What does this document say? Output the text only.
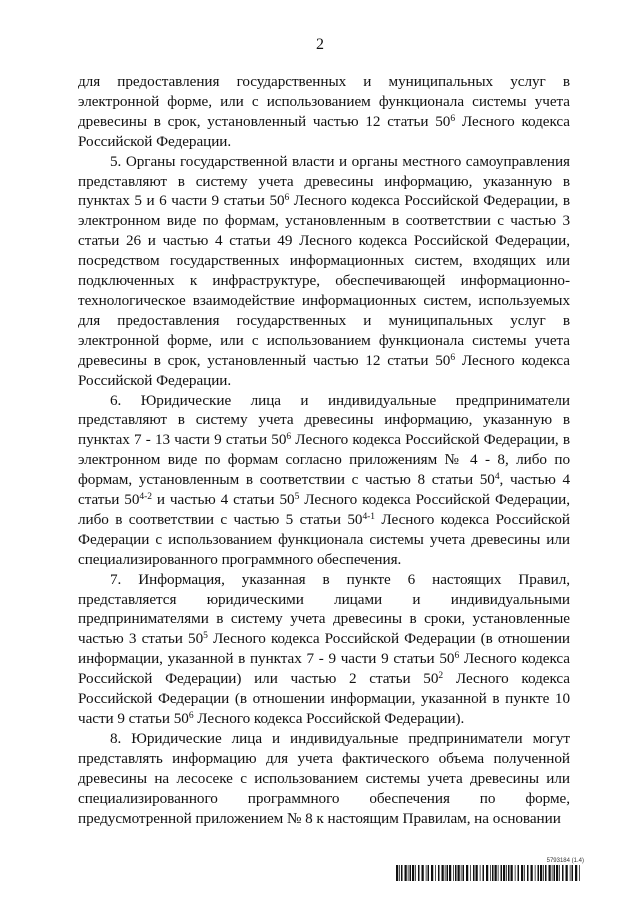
2

для предоставления государственных и муниципальных услуг в электронной форме, или с использованием функционала системы учета древесины в срок, установленный частью 12 статьи $50^6$ Лесного кодекса Российской Федерации.

5. Органы государственной власти и органы местного самоуправления представляют в систему учета древесины информацию, указанную в пунктах 5 и 6 части 9 статьи $50^6$ Лесного кодекса Российской Федерации, в электронном виде по формам, установленным в соответствии с частью 3 статьи 26 и частью 4 статьи 49 Лесного кодекса Российской Федерации, посредством государственных информационных систем, входящих или подключенных к инфраструктуре, обеспечивающей информационно-технологическое взаимодействие информационных систем, используемых для предоставления государственных и муниципальных услуг в электронной форме, или с использованием функционала системы учета древесины в срок, установленный частью 12 статьи $50^6$ Лесного кодекса Российской Федерации.

6. Юридические лица и индивидуальные предприниматели представляют в систему учета древесины информацию, указанную в пунктах 7 - 13 части 9 статьи $50^6$ Лесного кодекса Российской Федерации, в электронном виде по формам согласно приложениям № 4 - 8, либо по формам, установленным в соответствии с частью 8 статьи $50^4$, частью 4 статьи 50$^{4-2}$ и частью 4 статьи $50^5$ Лесного кодекса Российской Федерации, либо в соответствии с частью 5 статьи 50$^{4-1}$ Лесного кодекса Российской Федерации с использованием функционала системы учета древесины или специализированного программного обеспечения.

7. Информация, указанная в пункте 6 настоящих Правил, представляется юридическими лицами и индивидуальными предпринимателями в систему учета древесины в сроки, установленные частью 3 статьи $50^5$ Лесного кодекса Российской Федерации (в отношении информации, указанной в пунктах 7 - 9 части 9 статьи $50^6$ Лесного кодекса Российской Федерации) или частью 2 статьи $50^2$ Лесного кодекса Российской Федерации (в отношении информации, указанной в пункте 10 части 9 статьи $50^6$ Лесного кодекса Российской Федерации).

8. Юридические лица и индивидуальные предприниматели могут представлять информацию для учета фактического объема полученной древесины на лесосеке с использованием системы учета древесины или специализированного программного обеспечения по форме, предусмотренной приложением № 8 к настоящим Правилам, на основании

5793184 (1.4)
